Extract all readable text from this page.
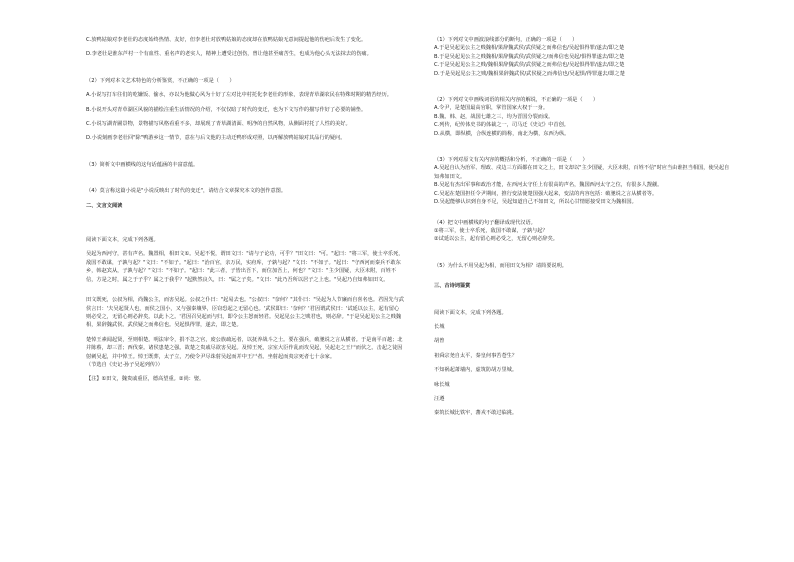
C.放鸭姑娘对李老壮的态度始终热情、友好，但李老壮对放鸭姑娘的态度却在放鸭姑娘无意间提起他的伤疤后发生了变化。

D.李老壮是淮东芦村一个有血性、重名声的老实人，精神上遭受过创伤，曾让他甚至痛苦生，也成为他心头无法抹去的伤痛。

（2）下列对本文艺术特色的分析鉴赏，不正确的一项是（　　）

A.小说写打车往们的吃嫌饭、偷水，亦以为他做心风为十好了左对比中村托化李老壮的形象，表现青草湖农民在特殊时期的精苦经历。

B.小说开头对青草湖区风貌的描绘注重生活情况的介绍，不仅仅暗了时代的变迁，也为下文写作的描写作好了必要的铺垫。

C.小说写湖青圃景物，景物描写风格看重不多，却展现了青草湖清面、明净的自然风物，从侧面衬托了人性的美好。

D.小说刻画李老壮回"除"鸭游乡这一情节，意在与后文他的主动迁鸭形成对照，以再解放鸭姑娘对其品行的疑问。

（3）简析文中画横线的这句话蕴涵的丰富意蕴。

（4）莫言称这篇小说是"小说反映出了时代的变迁"，请结合文章探究本文的创作意图。

二、文言文阅读

阅读下面文本，完成下列各题。

吴起为西河守，甚有声名。魏置相，相田文①。吴起不悦，谓田文曰："请与子论功，可乎？"田文曰："可。"起曰："将三军，使士卒乐死，敌国不敢谋，子孰与起？"文曰："不如子。"起曰："治百官，亲万民，实府库，子孰与起？"文曰："不如子。"起曰："守西河而秦兵不敢东乡，韩赵宾从，子孰与起？"文曰："不如子。"起曰："此三者，子皆出吾下，而位加吾上，何也？"文曰："主少国疑，大臣未附，百姓不信，方是之时，属之于子乎？属之于我乎？"起默然良久，曰："属之子矣。"文曰："此乃吾所以居子之上也。"吴起乃自知弗如田文。

田文既死，公叔为相，尚魏公主，而害吴起。公叔之仆曰："起易去也。"公叔曰："奈何？"其仆曰："吴起为人节廉而自喜名也。君因先与武侯言曰：'夫吴起贤人也，而侯之国小，又与强秦壤界，臣窃恐起之无留心也。'武侯即曰：'奈何？'君因谓武侯曰：'试延以公主，起有留心则必受之，无留心则必辞矣。以此卜之。'君因召吴起而与归，即令公主怒而轻君。吴起见公主之贱君也，则必辞。"于是吴起见公主之贱魏相，果辞魏武侯。武侯疑之而弗信也。吴起惧得罪，遂去，即之楚。

楚悼王素闻起贤，至则相楚。明法审令，捐不急之官，废公族疏远者，以抚养战斗之士。要在强兵，破驰说之言从横者。于是南平百越；北并陈蔡，却三晋；西伐秦。诸侯患楚之强。故楚之贵戚尽欲害吴起。及悼王死，宗室大臣作乱而攻吴起，吴起走之王尸而伏之。击起之徒因射刺吴起，并中悼王。悼王既葬，太子立，乃使令尹尽诛射吴起而并中王尸者。坐射起而夷宗死者七十余家。

（节选自《史记·孙子吴起列传》）

【注】①田文，魏贵戚重臣，德高望重。②尚：娶。

（1）下列对文中画波浪线部分的断句，正确的一项是（　　）

A.于是吴起见公主之贱魏相/果辞魏武侯/武侯疑之而弗信也/吴起惧得罪/遂去/即之楚

B.于是吴起见公主之贱魏相/果辞魏武侯/武侯疑之/而弗信也吴起/惧得罪遂去/即之楚

C.于是吴起见公主之贱/魏相果辞魏武侯/武侯疑之而弗信也/吴起惧得罪/遂去/即之楚

D.于是吴起见公主之贱/魏相果辞魏武侯/武侯疑之而弗信也/吴起惧/得罪遂去/即之楚

（2）下列对文中画线词语的相关内容的解说，不正确的一项是（　　）

A.令尹，是楚国最高官职，掌管国家大权于一身。

B.魏、韩、赵，战国七雄之三，均为晋国分裂而成。

C.列传，纪传体史书的体裁之一，司马迁《史记》中首创。

D.从横，即纵横，合纵连横的简称，南北为横，东西为纵。

（3）下列对原文有关内容的概括和分析，不正确的一项是（　　）

A.吴起自认为治军、理政、戍边三方面都在田文之上，田文却以"主少国疑，大臣未附，百姓不信"时应当由谁担当相国，使吴起自知弗如田文。

B.吴起有杰出军事和政治才能，在西河太守任上有很高的声名，魏国西河太守之位，有很多人觊觎。

C.吴起在楚国担任令尹期间，推行变法使楚国强大起来，变法的内容包括：破驰说之言从横者等。

D.吴起能够认识到自身不足，吴起知道自己不如田文，所以心甘情愿接受田文为魏相国。

（4）把文中画横线的句子翻译成现代汉语。

①将三军，使士卒乐死，敌国不敢谋，子孰与起？

②试延以公主，起有留心则必受之，无留心则必辞矣。

（5）为什么不用吴起为相，而用田文为相？请简要说明。

三、古诗词鉴赏

阅读下面文本，完成下列各题。

长城

胡曾

祖舜宗尧自太平，秦皇何事苦苍生？

不知祸起萧墙内，虚筑防胡万里城。

咏长城

汪遵

秦筑长城比铁牢，蕃戎不敢过临洮。
